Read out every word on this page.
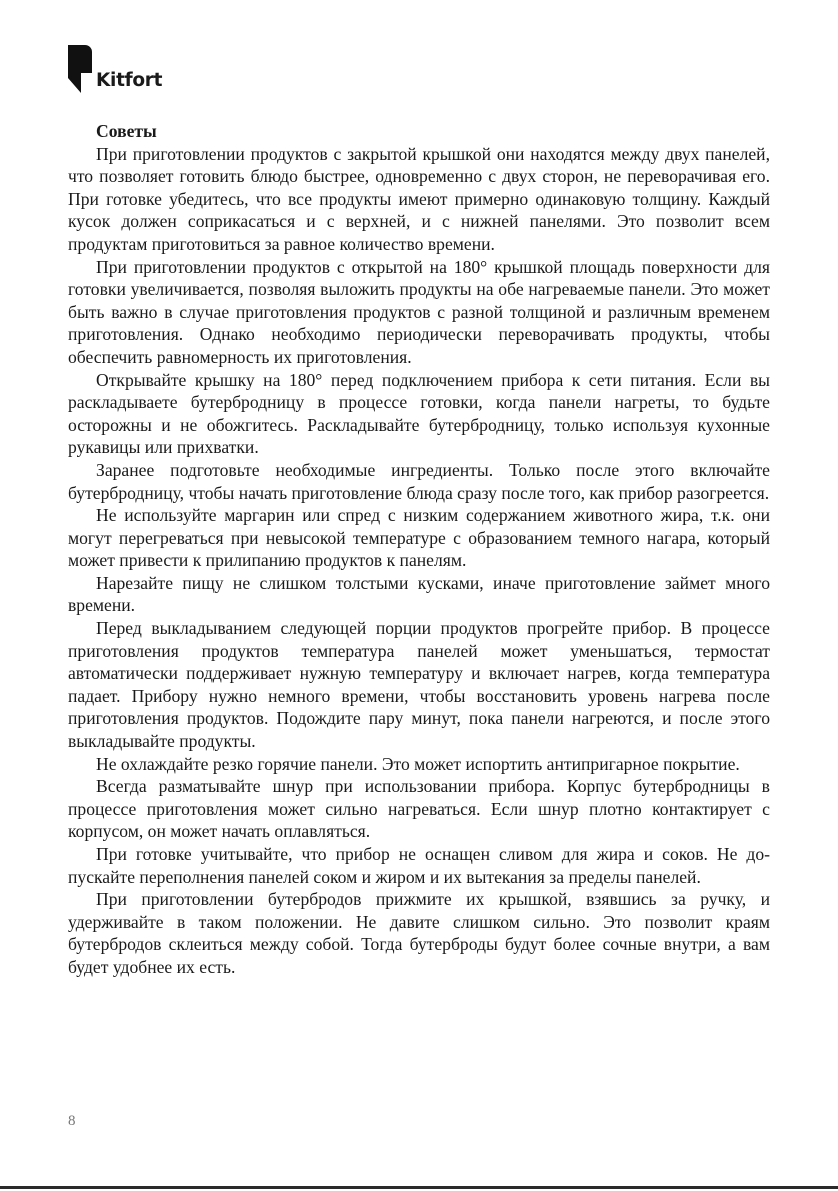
Kitfort
Советы

При приготовлении продуктов с закрытой крышкой они находятся между двух панелей, что позволяет готовить блюдо быстрее, одновременно с двух сторон, не переворачивая его. При готовке убедитесь, что все продукты имеют примерно одинаковую толщину. Каждый кусок должен соприкасаться и с верхней, и с нижней панелями. Это позволит всем продуктам приготовиться за равное количество времени.

При приготовлении продуктов с открытой на 180° крышкой площадь поверхности для готовки увеличивается, позволяя выложить продукты на обе нагреваемые панели. Это может быть важно в случае приготовления продуктов с разной толщиной и различным временем приготовления. Однако необходимо периодически переворачивать продукты, чтобы обеспечить равномерность их приготовления.

Открывайте крышку на 180° перед подключением прибора к сети питания. Если вы раскладываете бутербродницу в процессе готовки, когда панели нагреты, то будьте осторожны и не обожгитесь. Раскладывайте бутербродницу, только используя кухонные рукавицы или прихватки.

Заранее подготовьте необходимые ингредиенты. Только после этого включайте бутербродницу, чтобы начать приготовление блюда сразу после того, как прибор разогреется.

Не используйте маргарин или спред с низким содержанием животного жира, т.к. они могут перегреваться при невысокой температуре с образованием темного нагара, который может привести к прилипанию продуктов к панелям.

Нарезайте пищу не слишком толстыми кусками, иначе приготовление займет много времени.

Перед выкладыванием следующей порции продуктов прогрейте прибор. В процессе приготовления продуктов температура панелей может уменьшаться, термостат автоматически поддерживает нужную температуру и включает нагрев, когда температура падает. Прибору нужно немного времени, чтобы восстановить уровень нагрева после приготовления продуктов. Подождите пару минут, пока панели нагреются, и после этого выкладывайте продукты.

Не охлаждайте резко горячие панели. Это может испортить антипригарное покрытие.

Всегда разматывайте шнур при использовании прибора. Корпус бутербродницы в процессе приготовления может сильно нагреваться. Если шнур плотно контактирует с корпусом, он может начать оплавляться.

При готовке учитывайте, что прибор не оснащен сливом для жира и соков. Не допускайте переполнения панелей соком и жиром и их вытекания за пределы панелей.

При приготовлении бутербродов прижмите их крышкой, взявшись за ручку, и удерживайте в таком положении. Не давите слишком сильно. Это позволит краям бутербродов склеиться между собой. Тогда бутерброды будут более сочные внутри, а вам будет удобнее их есть.

8
